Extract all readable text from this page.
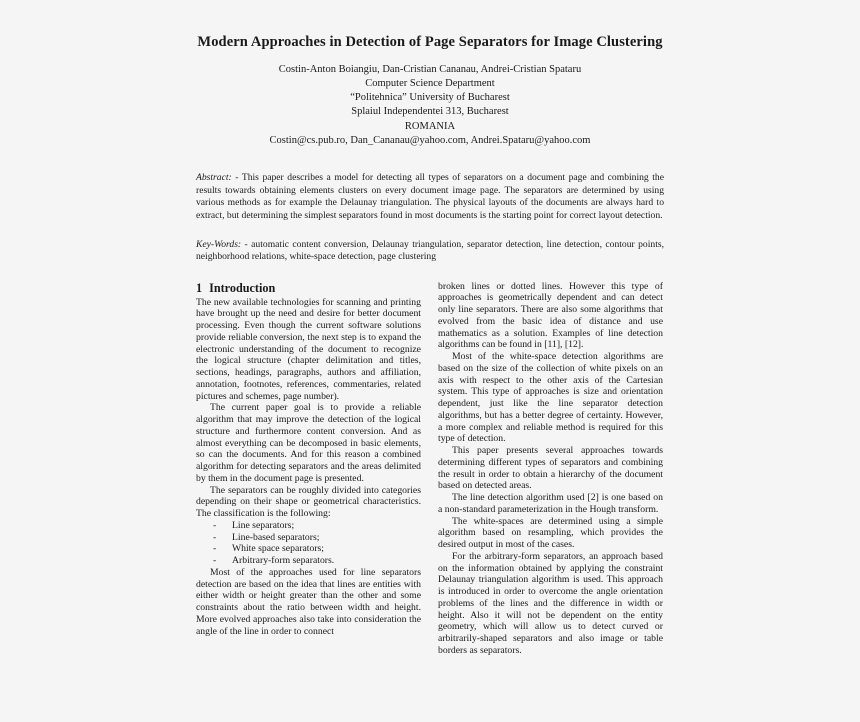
Modern Approaches in Detection of Page Separators for Image Clustering
Costin-Anton Boiangiu, Dan-Cristian Cananau, Andrei-Cristian Spataru
Computer Science Department
“Politehnica” University of Bucharest
Splaiul Independentei 313, Bucharest
ROMANIA
Costin@cs.pub.ro, Dan_Cananau@yahoo.com, Andrei.Spataru@yahoo.com

Abstract: - This paper describes a model for detecting all types of separators on a document page and combining the results towards obtaining elements clusters on every document image page. The separators are determined by using various methods as for example the Delaunay triangulation. The physical layouts of the documents are always hard to extract, but determining the simplest separators found in most documents is the starting point for correct layout detection.

Key-Words: - automatic content conversion, Delaunay triangulation, separator detection, line detection, contour points, neighborhood relations, white-space detection, page clustering

1 Introduction

The new available technologies for scanning and printing have brought up the need and desire for better document processing. Even though the current software solutions provide reliable conversion, the next step is to expand the electronic understanding of the document to recognize the logical structure (chapter delimitation and titles, sections, headings, paragraphs, authors and affiliation, annotation, footnotes, references, commentaries, related pictures and schemes, page number).

The current paper goal is to provide a reliable algorithm that may improve the detection of the logical structure and furthermore content conversion. And as almost everything can be decomposed in basic elements, so can the documents. And for this reason a combined algorithm for detecting separators and the areas delimited by them in the document page is presented.

The separators can be roughly divided into categories depending on their shape or geometrical characteristics. The classification is the following:

- Line separators;
- Line-based separators;
- White space separators;
- Arbitrary-form separators.

Most of the approaches used for line separators detection are based on the idea that lines are entities with either width or height greater than the other and some constraints about the ratio between width and height. More evolved approaches also take into consideration the angle of the line in order to connect

broken lines or dotted lines. However this type of approaches is geometrically dependent and can detect only line separators. There are also some algorithms that evolved from the basic idea of distance and use mathematics as a solution. Examples of line detection algorithms can be found in [11], [12].

Most of the white-space detection algorithms are based on the size of the collection of white pixels on an axis with respect to the other axis of the Cartesian system. This type of approaches is size and orientation dependent, just like the line separator detection algorithms, but has a better degree of certainty. However, a more complex and reliable method is required for this type of detection.

This paper presents several approaches towards determining different types of separators and combining the result in order to obtain a hierarchy of the document based on detected areas.

The line detection algorithm used [2] is one based on a non-standard parameterization in the Hough transform.

The white-spaces are determined using a simple algorithm based on resampling, which provides the desired output in most of the cases.

For the arbitrary-form separators, an approach based on the information obtained by applying the constraint Delaunay triangulation algorithm is used. This approach is introduced in order to overcome the angle orientation problems of the lines and the difference in width or height. Also it will not be dependent on the entity geometry, which will allow us to detect curved or arbitrarily-shaped separators and also image or table borders as separators.
